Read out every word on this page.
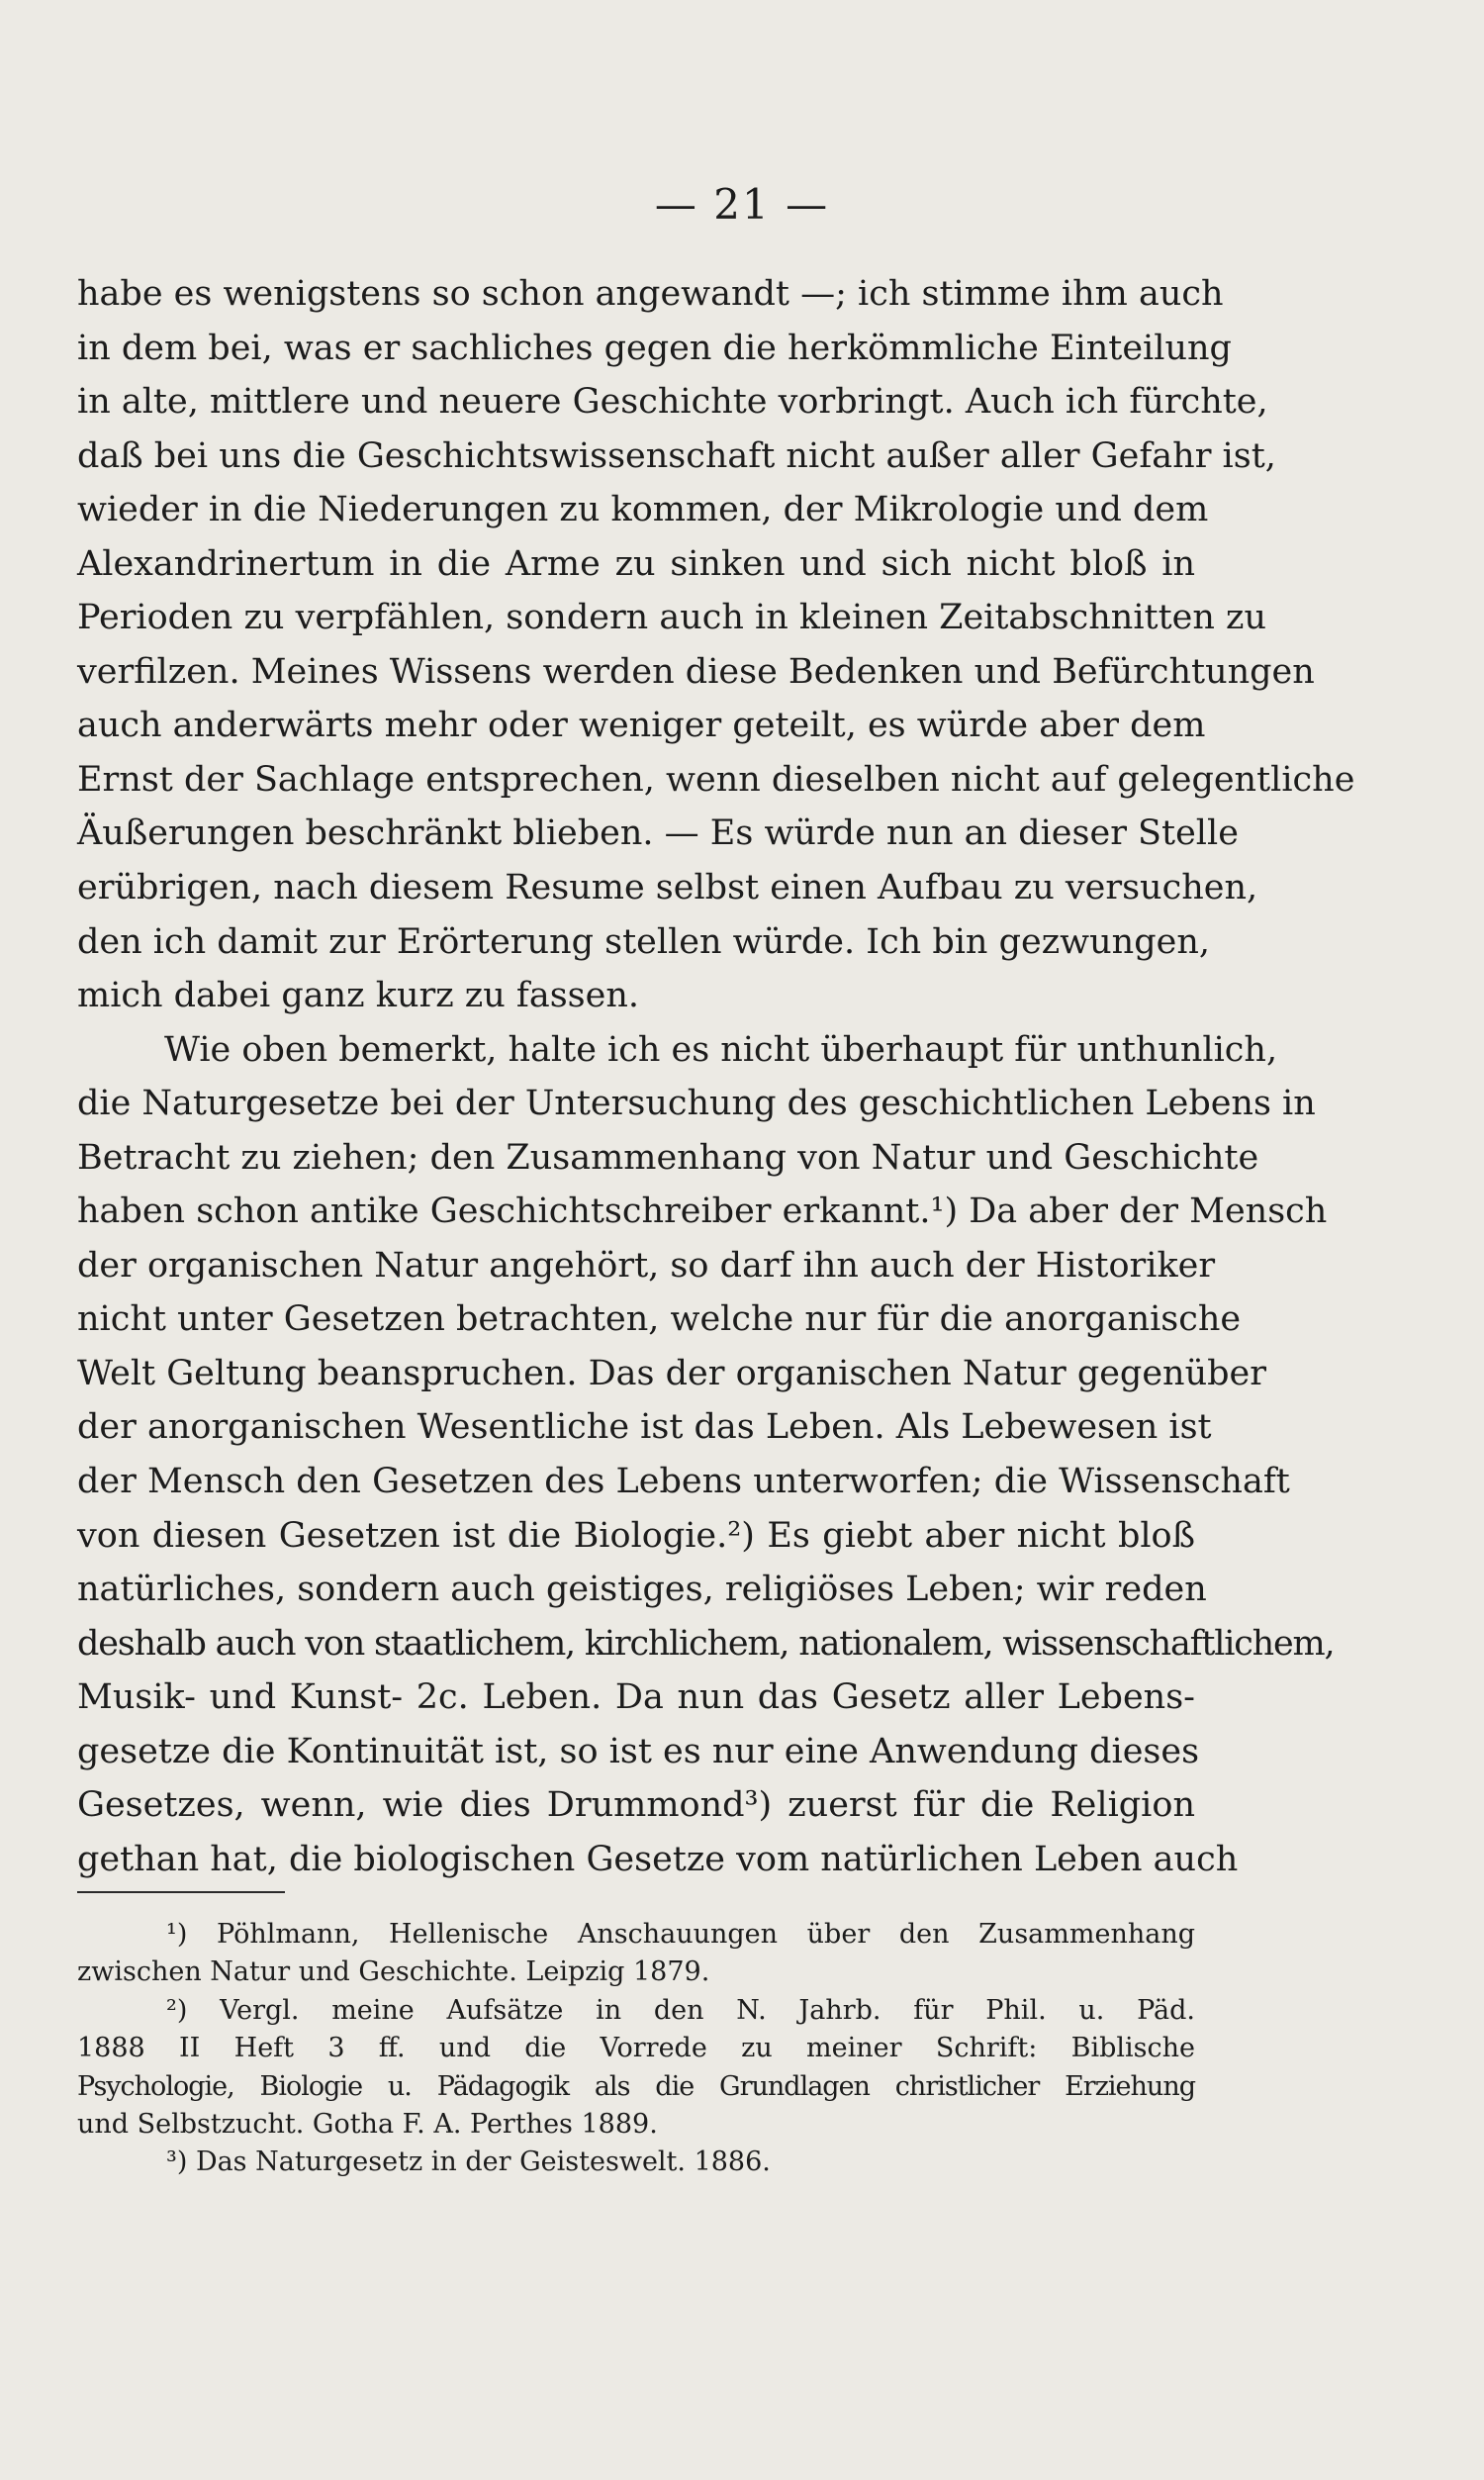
— 21 —
habe es wenigstens so schon angewandt —; ich stimme ihm auch
in dem bei, was er sachliches gegen die herkömmliche Einteilung
in alte, mittlere und neuere Geschichte vorbringt. Auch ich fürchte,
daß bei uns die Geschichtswissenschaft nicht außer aller Gefahr ist,
wieder in die Niederungen zu kommen, der Mikrologie und dem
Alexandrinertum in die Arme zu sinken und sich nicht bloß in
Perioden zu verpfählen, sondern auch in kleinen Zeitabschnitten zu
verfilzen. Meines Wissens werden diese Bedenken und Befürchtungen
auch anderwärts mehr oder weniger geteilt, es würde aber dem
Ernst der Sachlage entsprechen, wenn dieselben nicht auf gelegentliche
Äußerungen beschränkt blieben. — Es würde nun an dieser Stelle
erübrigen, nach diesem Resume selbst einen Aufbau zu versuchen,
den ich damit zur Erörterung stellen würde. Ich bin gezwungen,
mich dabei ganz kurz zu fassen.
Wie oben bemerkt, halte ich es nicht überhaupt für unthunlich,
die Naturgesetze bei der Untersuchung des geschichtlichen Lebens in
Betracht zu ziehen; den Zusammenhang von Natur und Geschichte
haben schon antike Geschichtschreiber erkannt.¹) Da aber der Mensch
der organischen Natur angehört, so darf ihn auch der Historiker
nicht unter Gesetzen betrachten, welche nur für die anorganische
Welt Geltung beanspruchen. Das der organischen Natur gegenüber
der anorganischen Wesentliche ist das Leben. Als Lebewesen ist
der Mensch den Gesetzen des Lebens unterworfen; die Wissenschaft
von diesen Gesetzen ist die Biologie.²) Es giebt aber nicht bloß
natürliches, sondern auch geistiges, religiöses Leben; wir reden
deshalb auch von staatlichem, kirchlichem, nationalem, wissenschaftlichem,
Musik- und Kunst- 2c. Leben. Da nun das Gesetz aller Lebens-
gesetze die Kontinuität ist, so ist es nur eine Anwendung dieses
Gesetzes, wenn, wie dies Drummond³) zuerst für die Religion
gethan hat, die biologischen Gesetze vom natürlichen Leben auch
¹) Pöhlmann, Hellenische Anschauungen über den Zusammenhang
zwischen Natur und Geschichte. Leipzig 1879.
²) Vergl. meine Aufsätze in den N. Jahrb. für Phil. u. Päd.
1888 II Heft 3 ff. und die Vorrede zu meiner Schrift: Biblische
Psychologie, Biologie u. Pädagogik als die Grundlagen christlicher Erziehung
und Selbstzucht. Gotha F. A. Perthes 1889.
³) Das Naturgesetz in der Geisteswelt. 1886.
